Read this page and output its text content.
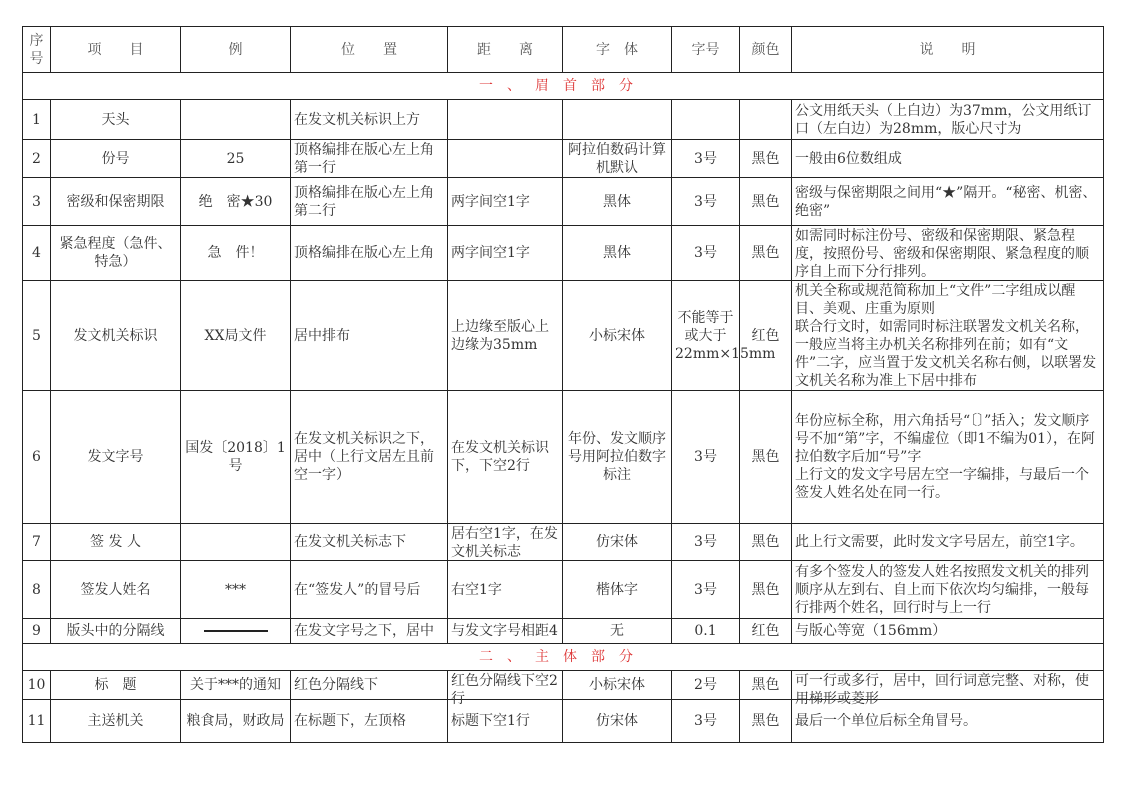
序号	项　　目	例	位　　置	距　　离	字　体	字号	颜色	说　　明
一、眉首部分								

1	天头		在发文机关标识上方					公文用纸天头（上白边）为37mm，公文用纸订口（左白边）为28mm，版心尺寸为

2	份号	25	顶格编排在版心左上角第一行		阿拉伯数码计算机默认	3号	黑色	一般由6位数组成

3	密级和保密期限	绝　密★30	顶格编排在版心左上角第二行	两字间空1字	黑体	3号	黑色	密级与保密期限之间用“★”隔开。“秘密、机密、绝密”

4	紧急程度（急件、特急）	急　件！	顶格编排在版心左上角	两字间空1字	黑体	3号	黑色	如需同时标注份号、密级和保密期限、紧急程度，按照份号、密级和保密期限、紧急程度的顺序自上而下分行排列。

5	发文机关标识	XX局文件	居中排布	上边缘至版心上边缘为35mm	小标宋体	不能等于或大于22mm×15mm	红色	机关全称或规范简称加上“文件”二字组成以醒目、美观、庄重为原则
联合行文时，如需同时标注联署发文机关名称，一般应当将主办机关名称排列在前；如有“文件”二字，应当置于发文机关名称右侧，以联署发文机关名称为准上下居中排布

6	发文字号	国发〔2018〕1号	在发文机关标识之下，居中（上行文居左且前空一字）	在发文机关标识下，下空2行	年份、发文顺序号用阿拉伯数字标注	3号	黑色	年份应标全称，用六角括号“〔〕”括入；发文顺序号不加“第”字，不编虚位（即1不编为01），在阿拉伯数字后加“号”字
上行文的发文字号居左空一字编排，与最后一个签发人姓名处在同一行。

7	签 发 人		在发文机关标志下	居右空1字，在发文机关标志	仿宋体	3号	黑色	此上行文需要，此时发文字号居左，前空1字。

8	签发人姓名	***	在“签发人”的冒号后	右空1字	楷体字	3号	黑色	有多个签发人的签发人姓名按照发文机关的排列顺序从左到右、自上而下依次均匀编排，一般每行排两个姓名，回行时与上一行

9	版头中的分隔线		在发文字号之下，居中	与发文字号相距4	无	0.1	红色	与版心等宽（156mm）

二、主体部分								

10	标　题	关于***的通知	红色分隔线下	红色分隔线下空2行	小标宋体	2号	黑色	可一行或多行，居中，回行词意完整、对称，使用梯形或菱形

11	主送机关	粮食局，财政局	在标题下，左顶格	标题下空1行	仿宋体	3号	黑色	最后一个单位后标全角冒号。
